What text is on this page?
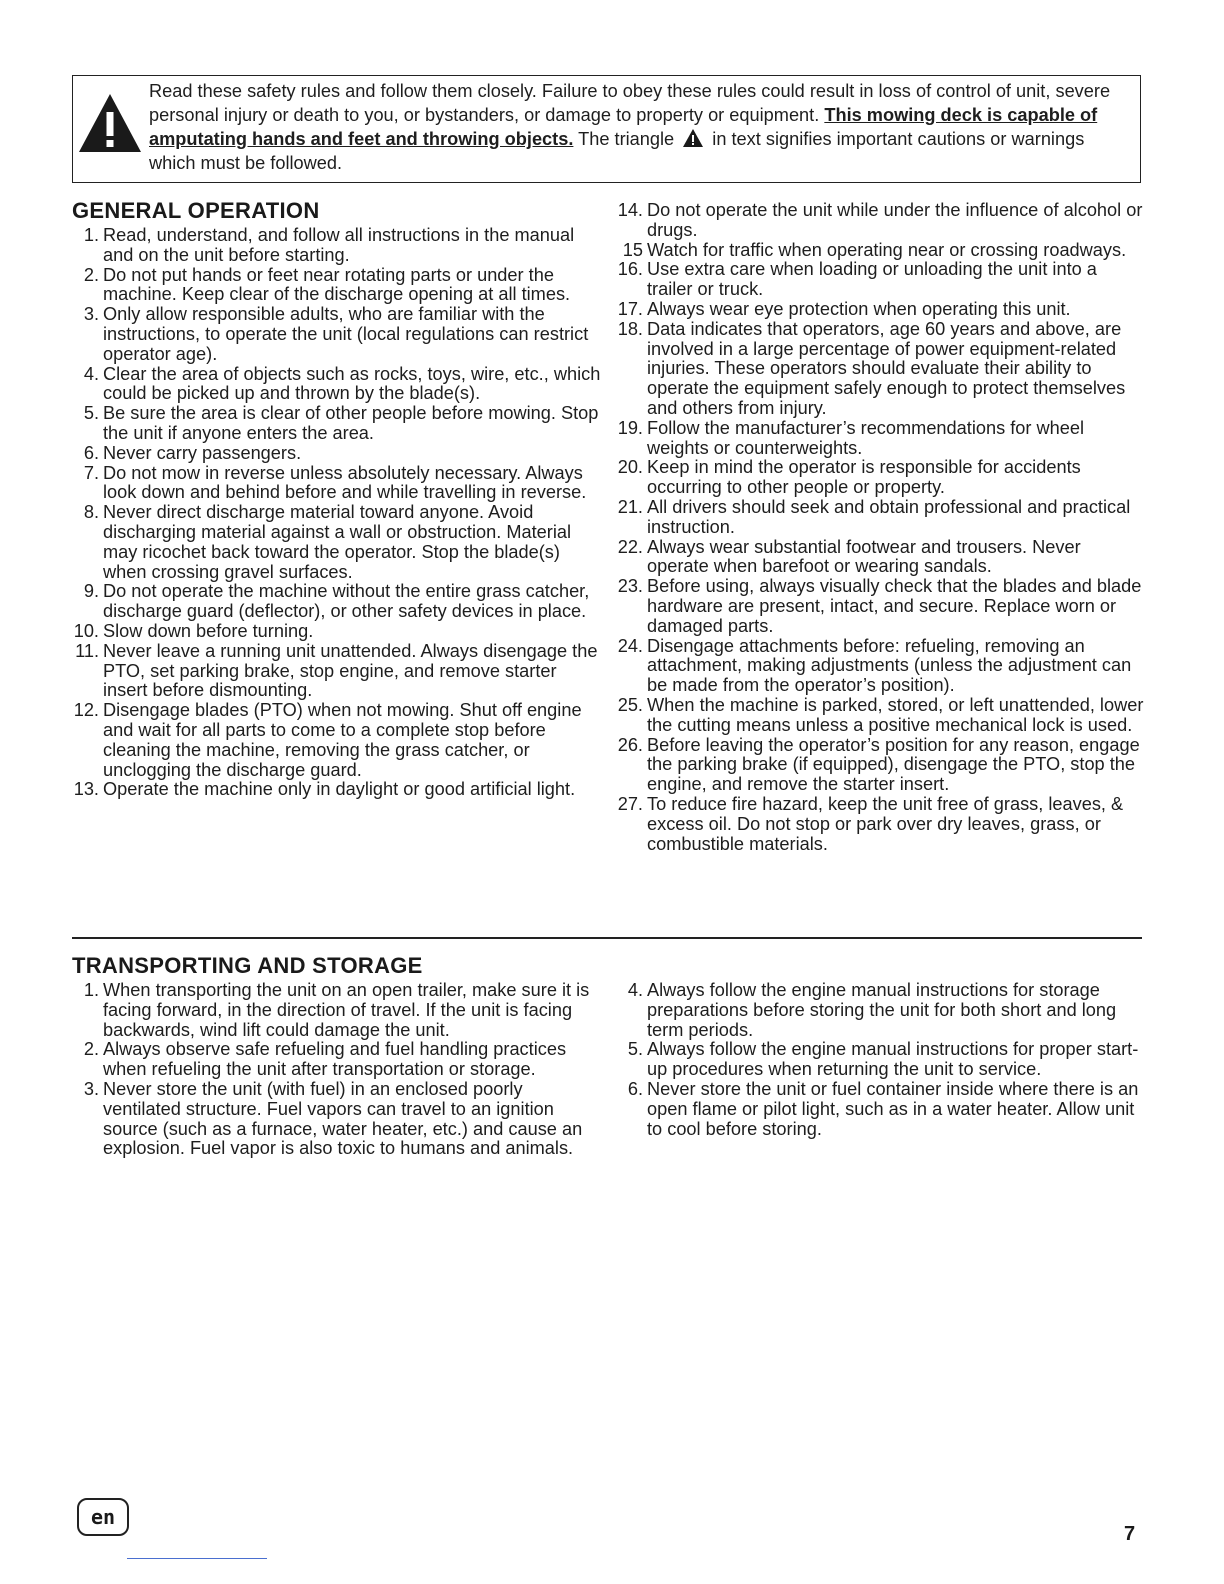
Read these safety rules and follow them closely. Failure to obey these rules could result in loss of control of unit, severe personal injury or death to you, or bystanders, or damage to property or equipment. This mowing deck is capable of amputating hands and feet and throwing objects. The triangle  in text signifies important cautions or warnings which must be followed.
GENERAL OPERATION
1. Read, understand, and follow all instructions in the manual and on the unit before starting.
2. Do not put hands or feet near rotating parts or under the machine. Keep clear of the discharge opening at all times.
3. Only allow responsible adults, who are familiar with the instructions, to operate the unit (local regulations can restrict operator age).
4. Clear the area of objects such as rocks, toys, wire, etc., which could be picked up and thrown by the blade(s).
5. Be sure the area is clear of other people before mowing. Stop the unit if anyone enters the area.
6. Never carry passengers.
7. Do not mow in reverse unless absolutely necessary. Always look down and behind before and while travelling in reverse.
8. Never direct discharge material toward anyone. Avoid discharging material against a wall or obstruction. Material may ricochet back toward the operator. Stop the blade(s) when crossing gravel surfaces.
9. Do not operate the machine without the entire grass catcher, discharge guard (deflector), or other safety devices in place.
10. Slow down before turning.
11. Never leave a running unit unattended. Always disengage the PTO, set parking brake, stop engine, and remove starter insert before dismounting.
12. Disengage blades (PTO) when not mowing. Shut off engine and wait for all parts to come to a complete stop before cleaning the machine, removing the grass catcher, or unclogging the discharge guard.
13. Operate the machine only in daylight or good artificial light.
14. Do not operate the unit while under the influence of alcohol or drugs.
15 Watch for traffic when operating near or crossing roadways.
16. Use extra care when loading or unloading the unit into a trailer or truck.
17. Always wear eye protection when operating this unit.
18. Data indicates that operators, age 60 years and above, are involved in a large percentage of power equipment-related injuries. These operators should evaluate their ability to operate the equipment safely enough to protect themselves and others from injury.
19. Follow the manufacturer’s recommendations for wheel weights or counterweights.
20. Keep in mind the operator is responsible for accidents occurring to other people or property.
21. All drivers should seek and obtain professional and practical instruction.
22. Always wear substantial footwear and trousers. Never operate when barefoot or wearing sandals.
23. Before using, always visually check that the blades and blade hardware are present, intact, and secure. Replace worn or damaged parts.
24. Disengage attachments before: refueling, removing an attachment, making adjustments (unless the adjustment can be made from the operator’s position).
25. When the machine is parked, stored, or left unattended, lower the cutting means unless a positive mechanical lock is used.
26. Before leaving the operator’s position for any reason, engage the parking brake (if equipped), disengage the PTO, stop the engine, and remove the starter insert.
27. To reduce fire hazard, keep the unit free of grass, leaves, & excess oil. Do not stop or park over dry leaves, grass, or combustible materials.
TRANSPORTING AND STORAGE
1. When transporting the unit on an open trailer, make sure it is facing forward, in the direction of travel. If the unit is facing backwards, wind lift could damage the unit.
2. Always observe safe refueling and fuel handling practices when refueling the unit after transportation or storage.
3. Never store the unit (with fuel) in an enclosed poorly ventilated structure. Fuel vapors can travel to an ignition source (such as a furnace, water heater, etc.) and cause an explosion. Fuel vapor is also toxic to humans and animals.
4. Always follow the engine manual instructions for storage preparations before storing the unit for both short and long term periods.
5. Always follow the engine manual instructions for proper start-up procedures when returning the unit to service.
6. Never store the unit or fuel container inside where there is an open flame or pilot light, such as in a water heater. Allow unit to cool before storing.
en
7
